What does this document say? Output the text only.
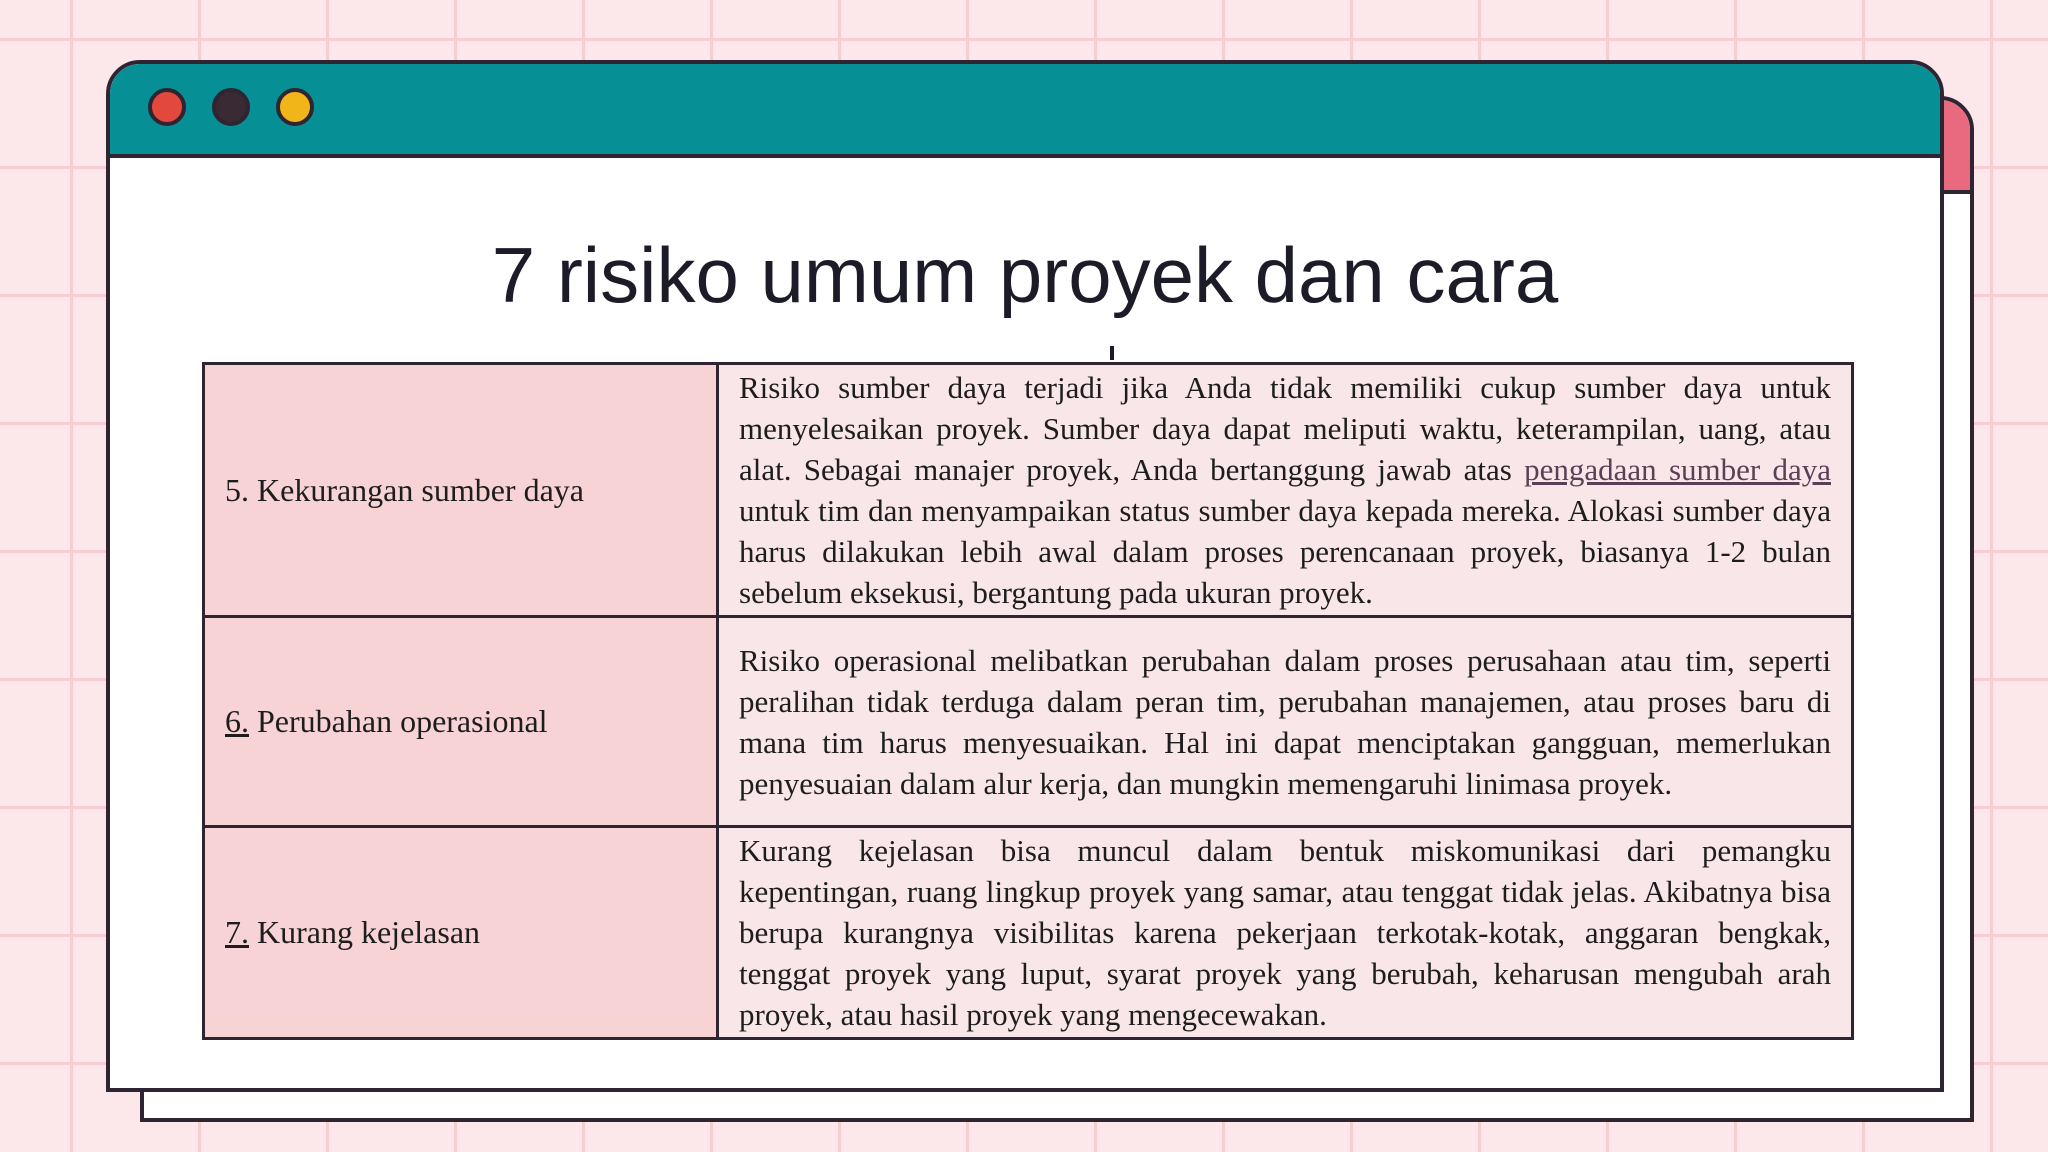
7 risiko umum proyek dan cara
5. Kekurangan sumber daya	Risiko sumber daya terjadi jika Anda tidak memiliki cukup sumber daya untuk menyelesaikan proyek. Sumber daya dapat meliputi waktu, keterampilan, uang, atau alat. Sebagai manajer proyek, Anda bertanggung jawab atas pengadaan sumber daya untuk tim dan menyampaikan status sumber daya kepada mereka. Alokasi sumber daya harus dilakukan lebih awal dalam proses perencanaan proyek, biasanya 1-2 bulan sebelum eksekusi, bergantung pada ukuran proyek.
6. Perubahan operasional	Risiko operasional melibatkan perubahan dalam proses perusahaan atau tim, seperti peralihan tidak terduga dalam peran tim, perubahan manajemen, atau proses baru di mana tim harus menyesuaikan. Hal ini dapat menciptakan gangguan, memerlukan penyesuaian dalam alur kerja, dan mungkin memengaruhi linimasa proyek.
7. Kurang kejelasan	Kurang kejelasan bisa muncul dalam bentuk miskomunikasi dari pemangku kepentingan, ruang lingkup proyek yang samar, atau tenggat tidak jelas. Akibatnya bisa berupa kurangnya visibilitas karena pekerjaan terkotak-kotak, anggaran bengkak, tenggat proyek yang luput, syarat proyek yang berubah, keharusan mengubah arah proyek, atau hasil proyek yang mengecewakan.
